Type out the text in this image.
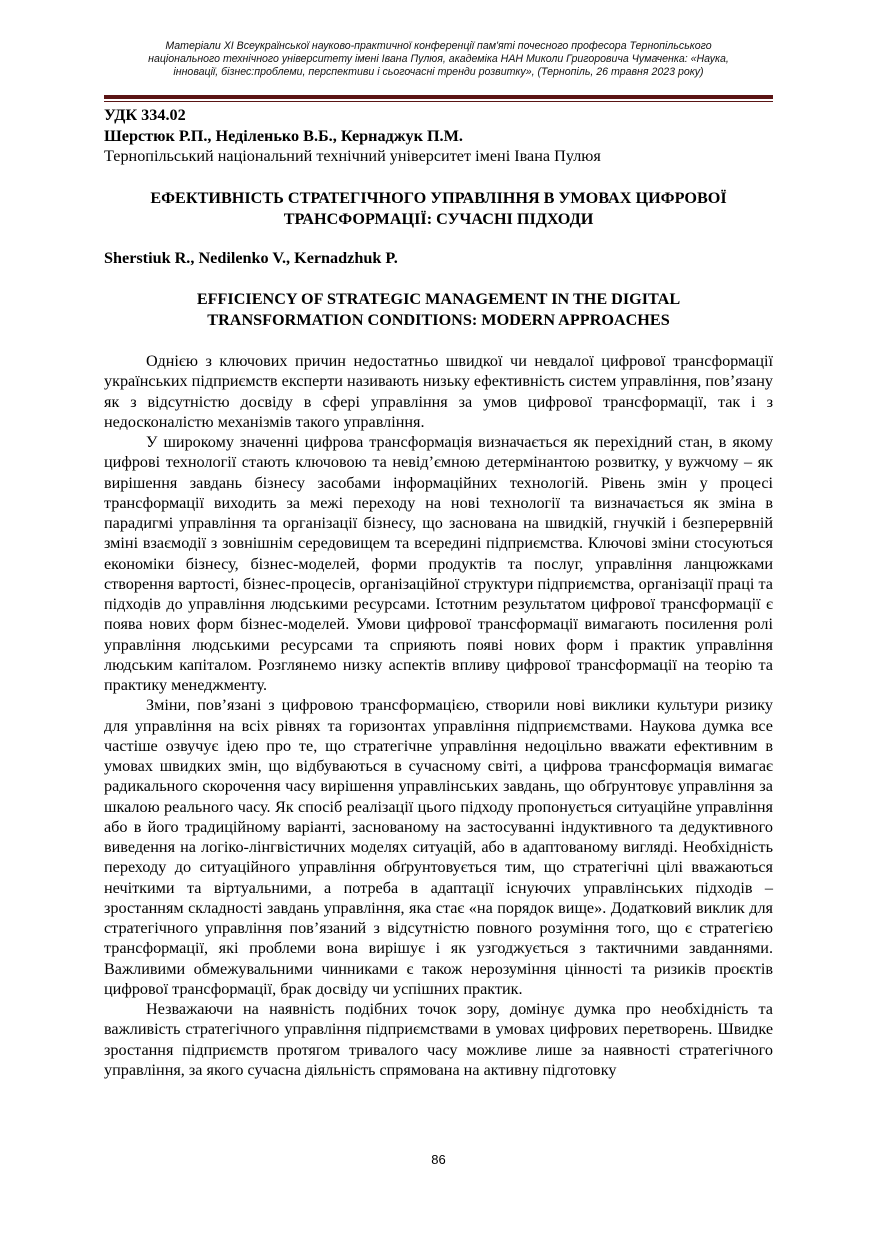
Матеріали XI Всеукраїнської науково-практичної конференції пам'яті почесного професора Тернопільського
національного технічного університету імені Івана Пулюя, академіка НАН Миколи Григоровича Чумаченка: «Наука,
інновації, бізнес:проблеми, перспективи і сьогочасні тренди розвитку», (Тернопіль, 26 травня 2023 року)
УДК 334.02
Шерстюк Р.П., Неділенько В.Б., Кернаджук П.М.
Тернопільський національний технічний університет імені Івана Пулюя
ЕФЕКТИВНІСТЬ СТРАТЕГІЧНОГО УПРАВЛІННЯ В УМОВАХ ЦИФРОВОЇ
ТРАНСФОРМАЦІЇ: СУЧАСНІ ПІДХОДИ
Sherstiuk R., Nedilenko V., Kernadzhuk P.
EFFICIENCY OF STRATEGIC MANAGEMENT IN THE DIGITAL
TRANSFORMATION CONDITIONS: MODERN APPROACHES

Однією з ключових причин недостатньо швидкої чи невдалої цифрової трансформації українських підприємств експерти називають низьку ефективність систем управління, пов’язану як з відсутністю досвіду в сфері управління за умов цифрової трансформації, так і з недосконалістю механізмів такого управління.

У широкому значенні цифрова трансформація визначається як перехідний стан, в якому цифрові технології стають ключовою та невід’ємною детермінантою розвитку, у вужчому – як вирішення завдань бізнесу засобами інформаційних технологій. Рівень змін у процесі трансформації виходить за межі переходу на нові технології та визначається як зміна в парадигмі управління та організації бізнесу, що заснована на швидкій, гнучкій і безперервній зміні взаємодії з зовнішнім середовищем та всередині підприємства. Ключові зміни стосуються економіки бізнесу, бізнес-моделей, форми продуктів та послуг, управління ланцюжками створення вартості, бізнес-процесів, організаційної структури підприємства, організації праці та підходів до управління людськими ресурсами. Істотним результатом цифрової трансформації є поява нових форм бізнес-моделей. Умови цифрової трансформації вимагають посилення ролі управління людськими ресурсами та сприяють появі нових форм і практик управління людським капіталом. Розглянемо низку аспектів впливу цифрової трансформації на теорію та практику менеджменту.

Зміни, пов’язані з цифровою трансформацією, створили нові виклики культури ризику для управління на всіх рівнях та горизонтах управління підприємствами. Наукова думка все частіше озвучує ідею про те, що стратегічне управління недоцільно вважати ефективним в умовах швидких змін, що відбуваються в сучасному світі, а цифрова трансформація вимагає радикального скорочення часу вирішення управлінських завдань, що обґрунтовує управління за шкалою реального часу. Як спосіб реалізації цього підходу пропонується ситуаційне управління або в його традиційному варіанті, заснованому на застосуванні індуктивного та дедуктивного виведення на логіко-лінгвістичних моделях ситуацій, або в адаптованому вигляді. Необхідність переходу до ситуаційного управління обґрунтовується тим, що стратегічні цілі вважаються нечіткими та віртуальними, а потреба в адаптації існуючих управлінських підходів – зростанням складності завдань управління, яка стає «на порядок вище». Додатковий виклик для стратегічного управління пов’язаний з відсутністю повного розуміння того, що є стратегією трансформації, які проблеми вона вирішує і як узгоджується з тактичними завданнями. Важливими обмежувальними чинниками є також нерозуміння цінності та ризиків проєктів цифрової трансформації, брак досвіду чи успішних практик.

Незважаючи на наявність подібних точок зору, домінує думка про необхідність та важливість стратегічного управління підприємствами в умовах цифрових перетворень. Швидке зростання підприємств протягом тривалого часу можливе лише за наявності стратегічного управління, за якого сучасна діяльність спрямована на активну підготовку

86
